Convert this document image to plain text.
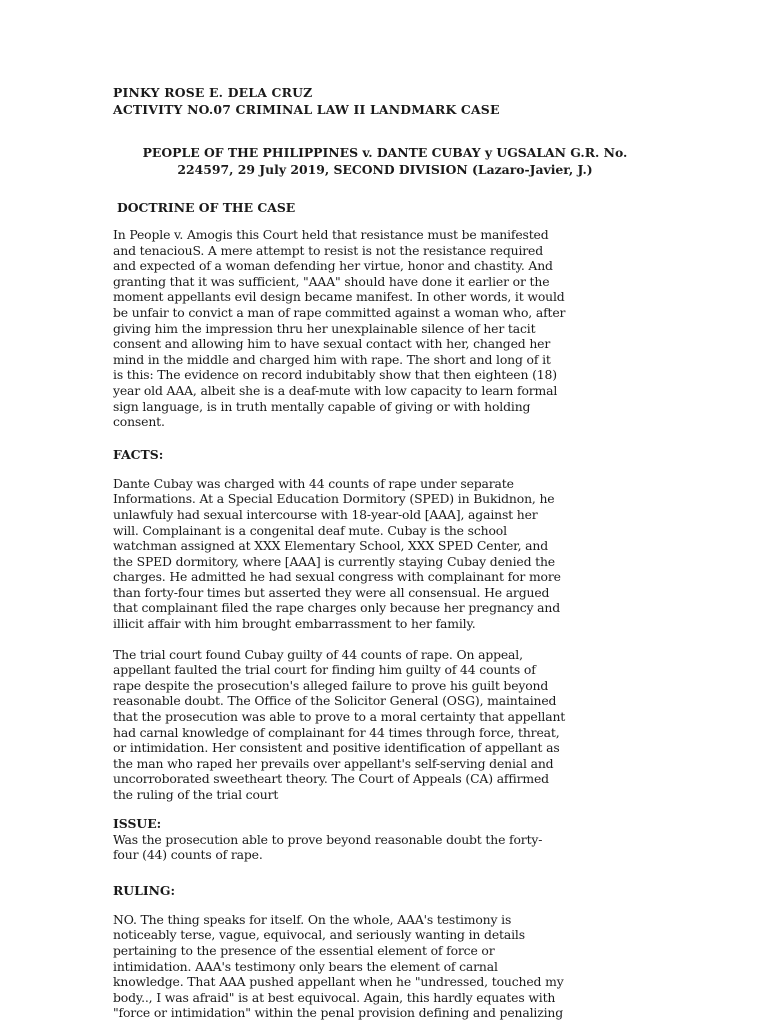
PINKY ROSE E. DELA CRUZ

ACTIVITY NO.07 CRIMINAL LAW II LANDMARK CASE

PEOPLE OF THE PHILIPPINES v. DANTE CUBAY y UGSALAN G.R. No.
224597, 29 July 2019, SECOND DIVISION (Lazaro-Javier, J.)

DOCTRINE OF THE CASE

In People v. Amogis this Court held that resistance must be manifested
and tenaciouS. A mere attempt to resist is not the resistance required
and expected of a woman defending her virtue, honor and chastity. And
granting that it was sufficient, "AAA" should have done it earlier or the
moment appellants evil design became manifest. In other words, it would
be unfair to convict a man of rape committed against a woman who, after
giving him the impression thru her unexplainable silence of her tacit
consent and allowing him to have sexual contact with her, changed her
mind in the middle and charged him with rape. The short and long of it
is this: The evidence on record indubitably show that then eighteen (18)
year old AAA, albeit she is a deaf-mute with low capacity to learn formal
sign language, is in truth mentally capable of giving or with holding
consent.

FACTS:

Dante Cubay was charged with 44 counts of rape under separate
Informations. At a Special Education Dormitory (SPED) in Bukidnon, he
unlawfuly had sexual intercourse with 18-year-old [AAA], against her
will. Complainant is a congenital deaf mute. Cubay is the school
watchman assigned at XXX Elementary School, XXX SPED Center, and
the SPED dormitory, where [AAA] is currently staying Cubay denied the
charges. He admitted he had sexual congress with complainant for more
than forty-four times but asserted they were all consensual. He argued
that complainant filed the rape charges only because her pregnancy and
illicit affair with him brought embarrassment to her family.
The trial court found Cubay guilty of 44 counts of rape. On appeal,
appellant faulted the trial court for finding him guilty of 44 counts of
rape despite the prosecution's alleged failure to prove his guilt beyond
reasonable doubt. The Office of the Solicitor General (OSG), maintained
that the prosecution was able to prove to a moral certainty that appellant
had carnal knowledge of complainant for 44 times through force, threat,
or intimidation. Her consistent and positive identification of appellant as
the man who raped her prevails over appellant's self-serving denial and
uncorroborated sweetheart theory. The Court of Appeals (CA) affirmed
the ruling of the trial court

ISSUE:

Was the prosecution able to prove beyond reasonable doubt the forty-
four (44) counts of rape.

RULING:

NO. The thing speaks for itself. On the whole, AAA's testimony is
noticeably terse, vague, equivocal, and seriously wanting in details
pertaining to the presence of the essential element of force or
intimidation. AAA's testimony only bears the element of carnal
knowledge. That AAA pushed appellant when he "undressed, touched my
body.., I was afraid" is at best equivocal. Again, this hardly equates with
"force or intimidation" within the penal provision defining and penalizing
